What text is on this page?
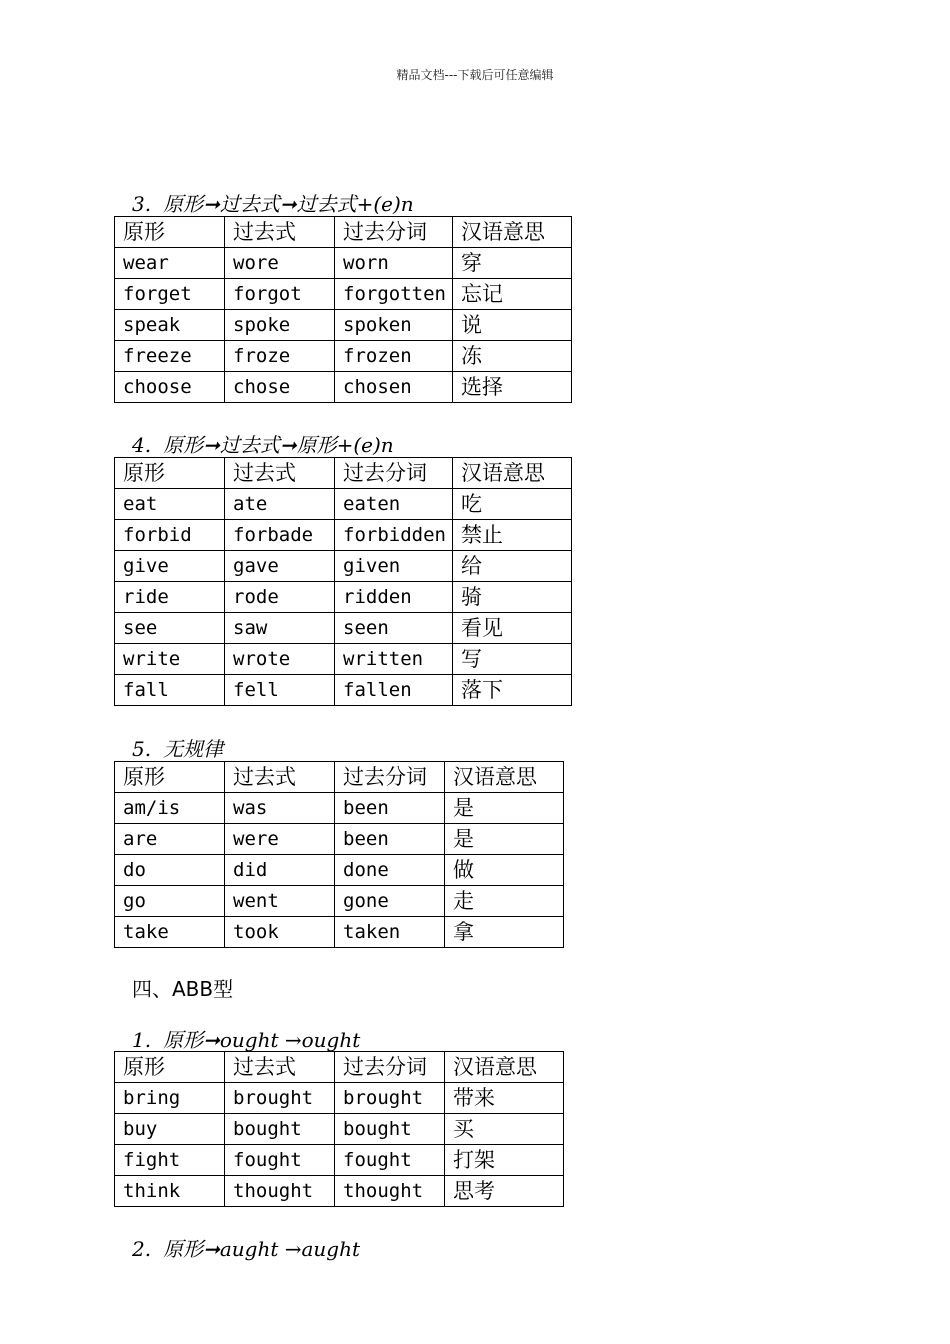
精品文档---下载后可任意编辑
3. 原形➞过去式➞过去式+(e)n
原形	过去式	过去分词	汉语意思
wear	wore	worn	穿
forget	forgot	forgotten	忘记
speak	spoke	spoken	说
freeze	froze	frozen	冻
choose	chose	chosen	选择
4. 原形➞过去式➞原形+(e)n
原形	过去式	过去分词	汉语意思
eat	ate	eaten	吃
forbid	forbade	forbidden	禁止
give	gave	given	给
ride	rode	ridden	骑
see	saw	seen	看见
write	wrote	written	写
fall	fell	fallen	落下
5. 无规律
原形	过去式	过去分词	汉语意思
am/is	was	been	是
are	were	been	是
do	did	done	做
go	went	gone	走
take	took	taken	拿
四、ABB型
1. 原形➞ought →ought
原形	过去式	过去分词	汉语意思
bring	brought	brought	带来
buy	bought	bought	买
fight	fought	fought	打架
think	thought	thought	思考
2. 原形➞aught →aught
